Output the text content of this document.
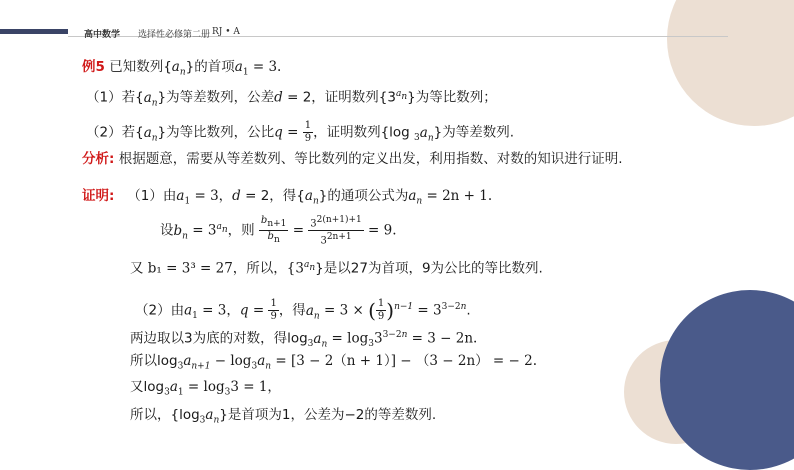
高中数学 选择性必修第二册 RJ • A
例5 已知数列$\{a_n\}$的首项$a_1 = 3$.
（1）若$\{a_n\}$为等差数列，公差d = 2，证明数列$\{3^{a_n}\}$为等比数列；
（2）若$\{a_n\}$为等比数列，公比$q = \frac{1}{9}$ ，证明数列{log $_3a_n$}为等差数列.
分析: 根据题意，需要从等差数列、等比数列的定义出发，利用指数、对数的知识进行证明.
证明: （1）由$a_1 = 3$，d = 2，得$\{a_n\}$的通项公式为$a_n = 2n + 1$.
设$b_n = 3^{a_n}$，则 $\frac{b_{n+1}}{b_n} = \frac{3^{2(n+1)+1}}{3^{2n+1}} = 9$.
又 b₁ = 3³ = 27，所以，$\{3^{a_n}\}$是以27为首项，9为公比的等比数列.
（2）由$a_1 = 3$，$q = \frac{1}{9}$ ，得$a_n = 3$ × ( $\frac{1}{9} )^{n-1} = 3^{3-2n}$.
两边取以3为底的对数，得$\log_3a_n = \log_33^{3-2n} = 3 - 2n$.
所以$\log_3a_{n+1} - \log_3a_n = [3 - 2(n + 1)] - (3 - 2n)$ = − 2.
又$\log_3a_1 = \log_33 = 1$，
所以，$\{\log_3a_n\}$是首项为1，公差为−2的等差数列.
